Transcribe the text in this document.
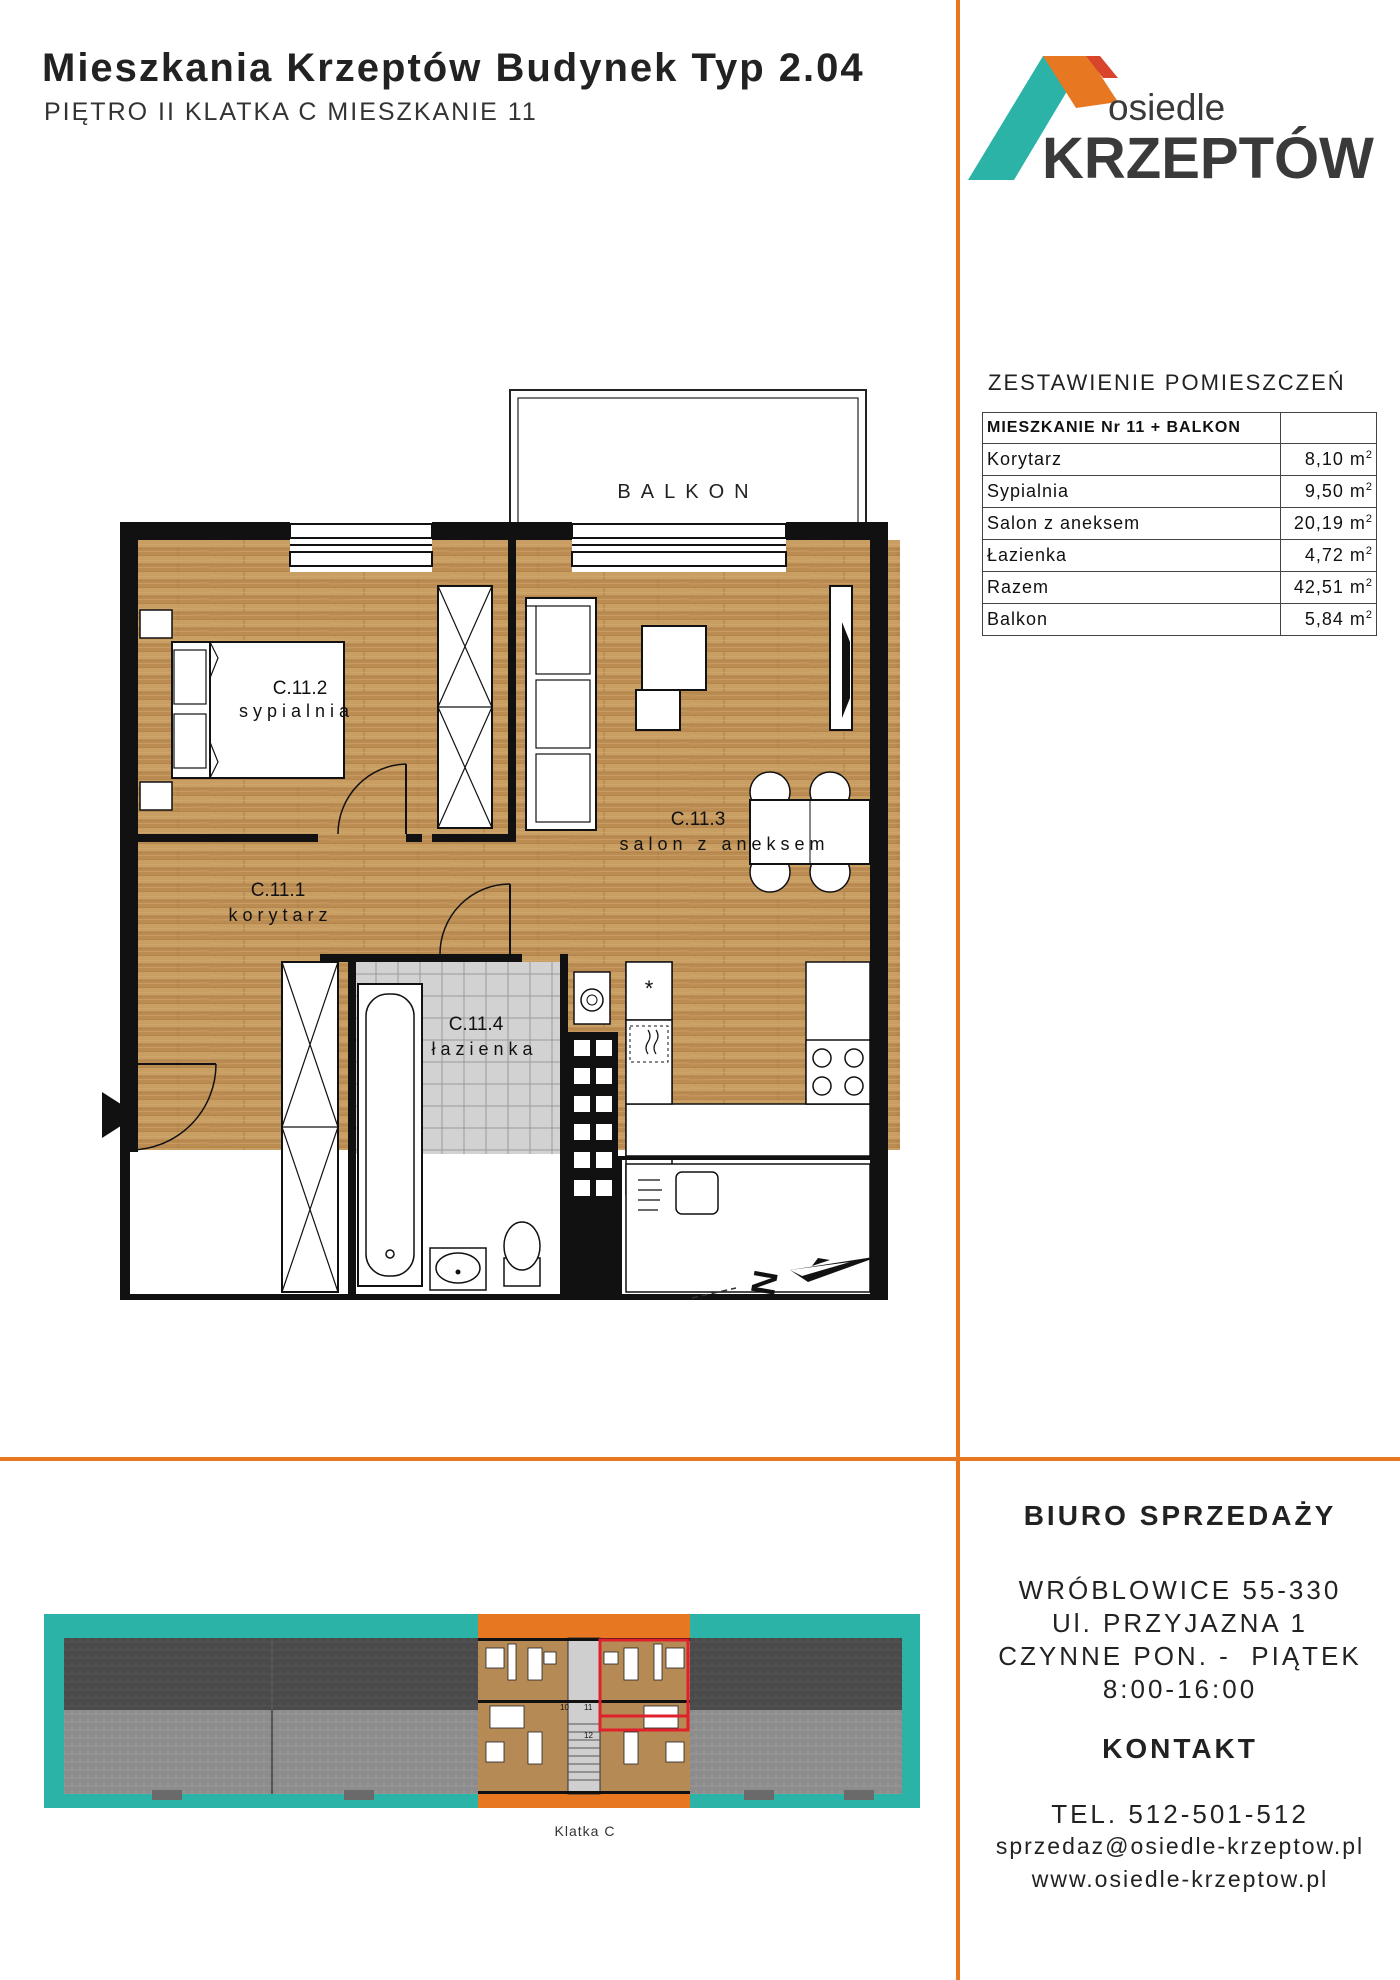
Mieszkania Krzeptów Budynek Typ 2.04
PIĘTRO II KLATKA C MIESZKANIE 11	osiedle
KRZEPTÓW
ZESTAWIENIE POMIESZCZEŃ
MIESZKANIE Nr 11 + BALKON	
Korytarz	8,10 $m^2$
Sypialnia	9,50 $m^2$
Salon z aneksem	20,19 $m^2$
Łazienka	4,72 $m^2$
Razem	42,51 $m^2$
Balkon	5,84 $m^2$
BALKON
*
C.11.2
s y p i a l n i a
C.11.3
s a l o n   z   a n e k s e m
C.11.1
k o r y t a r z
C.11.4
ł a z i e n k a
N
BIURO SPRZEDAŻY
WRÓBLOWICE 55-330
Ul. PRZYJAZNA 1
CZYNNE PON. -  PIĄTEK
8:00-16:00
KONTAKT
TEL. 512-501-512
sprzedaz@osiedle-krzeptow.pl
www.osiedle-krzeptow.pl
10 11
12
Klatka C
